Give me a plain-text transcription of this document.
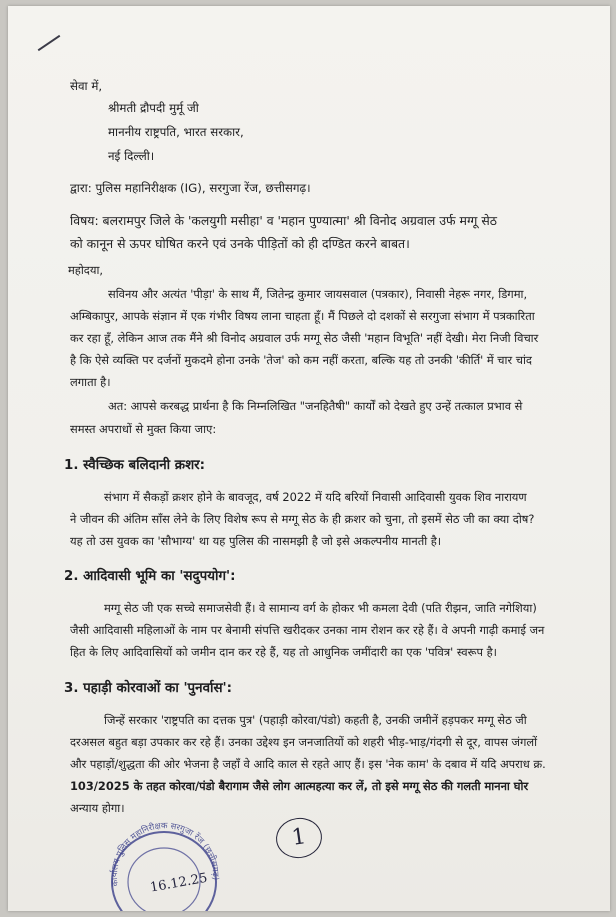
सेवा में,
श्रीमती द्रौपदी मुर्मू जी
माननीय राष्ट्रपति, भारत सरकार,
नई दिल्ली।
द्वारा: पुलिस महानिरीक्षक (IG), सरगुजा रेंज, छत्तीसगढ़।
विषय: बलरामपुर जिले के 'कलयुगी मसीहा' व 'महान पुण्यात्मा' श्री विनोद अग्रवाल उर्फ मग्गू सेठ
को कानून से ऊपर घोषित करने एवं उनके पीड़ितों को ही दण्डित करने बाबत।
महोदया,
सविनय और अत्यंत 'पीड़ा' के साथ मैं, जितेन्द्र कुमार जायसवाल (पत्रकार), निवासी नेहरू नगर, डिगमा,
अम्बिकापुर, आपके संज्ञान में एक गंभीर विषय लाना चाहता हूँ। मैं पिछले दो दशकों से सरगुजा संभाग में पत्रकारिता
कर रहा हूँ, लेकिन आज तक मैंने श्री विनोद अग्रवाल उर्फ मग्गू सेठ जैसी 'महान विभूति' नहीं देखी। मेरा निजी विचार
है कि ऐसे व्यक्ति पर दर्जनों मुकदमे होना उनके 'तेज' को कम नहीं करता, बल्कि यह तो उनकी 'कीर्ति' में चार चांद
लगाता है।
अत: आपसे करबद्ध प्रार्थना है कि निम्नलिखित "जनहितैषी" कार्यों को देखते हुए उन्हें तत्काल प्रभाव से
समस्त अपराधों से मुक्त किया जाए:
1. स्वैच्छिक बलिदानी क्रशर:
संभाग में सैकड़ों क्रशर होने के बावजूद, वर्ष 2022 में यदि बरियों निवासी आदिवासी युवक शिव नारायण
ने जीवन की अंतिम साँस लेने के लिए विशेष रूप से मग्गू सेठ के ही क्रशर को चुना, तो इसमें सेठ जी का क्या दोष?
यह तो उस युवक का 'सौभाग्य' था यह पुलिस की नासमझी है जो इसे अकल्पनीय मानती है।
2. आदिवासी भूमि का 'सदुपयोग':
मग्गू सेठ जी एक सच्चे समाजसेवी हैं। वे सामान्य वर्ग के होकर भी कमला देवी (पति रीझन, जाति नगेशिया)
जैसी आदिवासी महिलाओं के नाम पर बेनामी संपत्ति खरीदकर उनका नाम रोशन कर रहे हैं। वे अपनी गाढ़ी कमाई जन
हित के लिए आदिवासियों को जमीन दान कर रहे हैं, यह तो आधुनिक जमींदारी का एक 'पवित्र' स्वरूप है।
3. पहाड़ी कोरवाओं का 'पुनर्वास':
जिन्हें सरकार 'राष्ट्रपति का दत्तक पुत्र' (पहाड़ी कोरवा/पंडो) कहती है, उनकी जमीनें हड़पकर मग्गू सेठ जी
दरअसल बहुत बड़ा उपकार कर रहे हैं। उनका उद्देश्य इन जनजातियों को शहरी भीड़-भाड़/गंदगी से दूर, वापस जंगलों
और पहाड़ों/शुद्धता की ओर भेजना है जहाँ वे आदि काल से रहते आए हैं। इस 'नेक काम' के दबाव में यदि अपराध क्र.
103/2025 के तहत कोरवा/पंडो बैरागाम जैसे लोग आत्महत्या कर लें, तो इसे मग्गू सेठ की गलती मानना घोर
अन्याय होगा।
1
कार्यालय पुलिस महानिरीक्षक सरगुजा रेंज (छत्तीसगढ़)
16.12.25
